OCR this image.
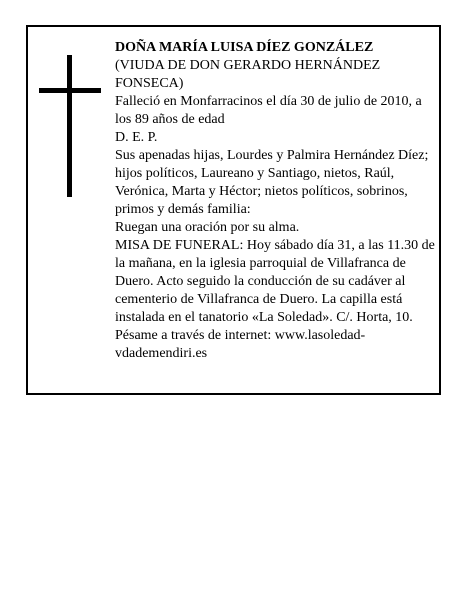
DOÑA MARÍA LUISA DÍEZ GONZÁLEZ

(VIUDA DE DON GERARDO HERNÁNDEZ FONSECA)

Falleció en Monfarracinos el día 30 de julio de 2010, a los 89 años de edad

D. E. P.

Sus apenadas hijas, Lourdes y Palmira Hernández Díez; hijos políticos, Laureano y Santiago, nietos, Raúl, Verónica, Marta y Héctor; nietos políticos, sobrinos, primos y demás familia:

Ruegan una oración por su alma.

MISA DE FUNERAL: Hoy sábado día 31, a las 11.30 de la mañana, en la iglesia parroquial de Villafranca de Duero. Acto seguido la conducción de su cadáver al cementerio de Villafranca de Duero. La capilla está instalada en el tanatorio «La Soledad». C/. Horta, 10.

Pésame a través de internet: www.lasoledad-vdademendiri.es
